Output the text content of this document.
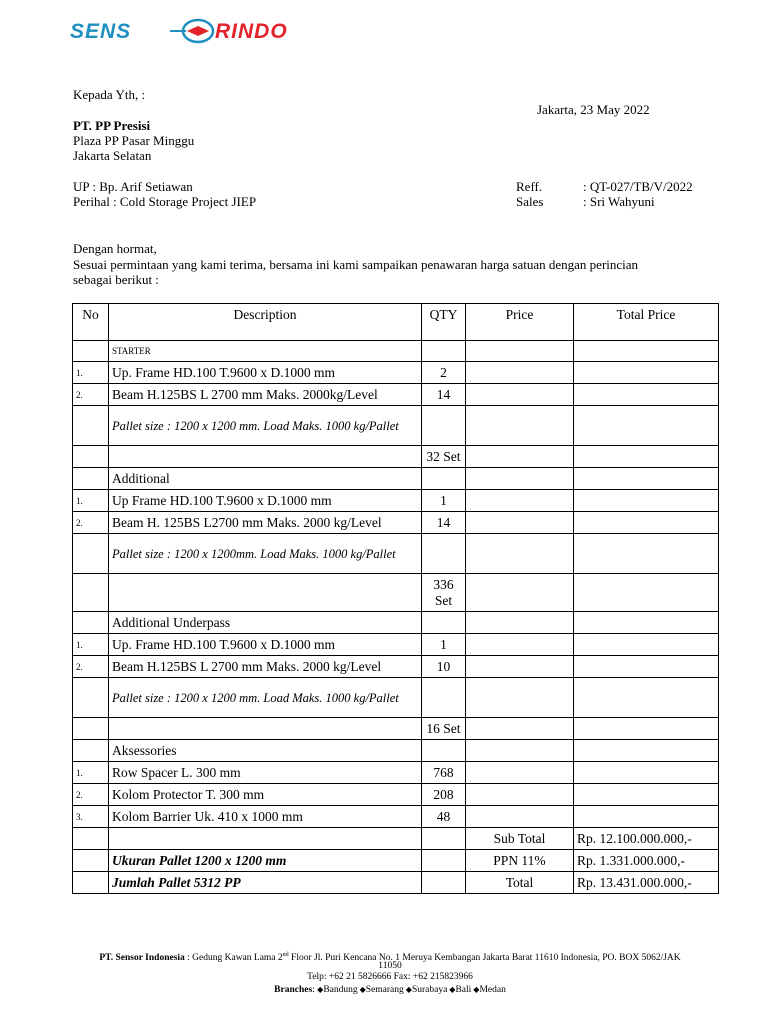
SENS	RINDO
Kepada Yth, :
Jakarta, 23 May 2022
PT. PP Presisi
Plaza PP Pasar Minggu
Jakarta Selatan
UP : Bp. Arif Setiawan
Perihal : Cold Storage Project JIEP
Reff.	: QT-027/TB/V/2022
Sales	: Sri Wahyuni
Dengan hormat,
Sesuai permintaan yang kami terima, bersama ini kami sampaikan penawaran harga satuan dengan perincian
sebagai berikut :
No	Description	QTY	Price	Total Price
	STARTER			
1.	Up. Frame HD.100 T.9600 x D.1000 mm	2		
2.	Beam H.125BS L 2700 mm Maks. 2000kg/Level	14		
	Pallet size : 1200 x 1200 mm. Load Maks. 1000 kg/Pallet			
		32 Set		
	Additional			
1.	Up Frame HD.100 T.9600 x D.1000 mm	1		
2.	Beam H. 125BS L2700 mm Maks. 2000 kg/Level	14		
	Pallet size : 1200 x 1200mm. Load Maks. 1000 kg/Pallet			
		336 Set		
	Additional Underpass			
1.	Up. Frame HD.100 T.9600 x D.1000 mm	1		
2.	Beam H.125BS L 2700 mm Maks. 2000 kg/Level	10		
	Pallet size : 1200 x 1200 mm. Load Maks. 1000 kg/Pallet			
		16 Set		
	Aksessories			
1.	Row Spacer L. 300 mm	768		
2.	Kolom Protector T. 300 mm	208		
3.	Kolom Barrier Uk. 410 x 1000 mm	48		
			Sub Total	Rp. 12.100.000.000,-
	Ukuran Pallet 1200 x 1200 mm		PPN 11%	Rp. 1.331.000.000,-
	Jumlah Pallet 5312 PP		Total	Rp. 13.431.000.000,-
PT. Sensor Indonesia : Gedung Kawan Lama 2nd Floor Jl. Puri Kencana No. 1 Meruya Kembangan Jakarta Barat 11610 Indonesia, PO. BOX 5062/JAK
11050
Telp: +62 21 5826666 Fax: +62 215823966
Branches: ◆Bandung ◆Semarang ◆Surabaya ◆Bali ◆Medan
